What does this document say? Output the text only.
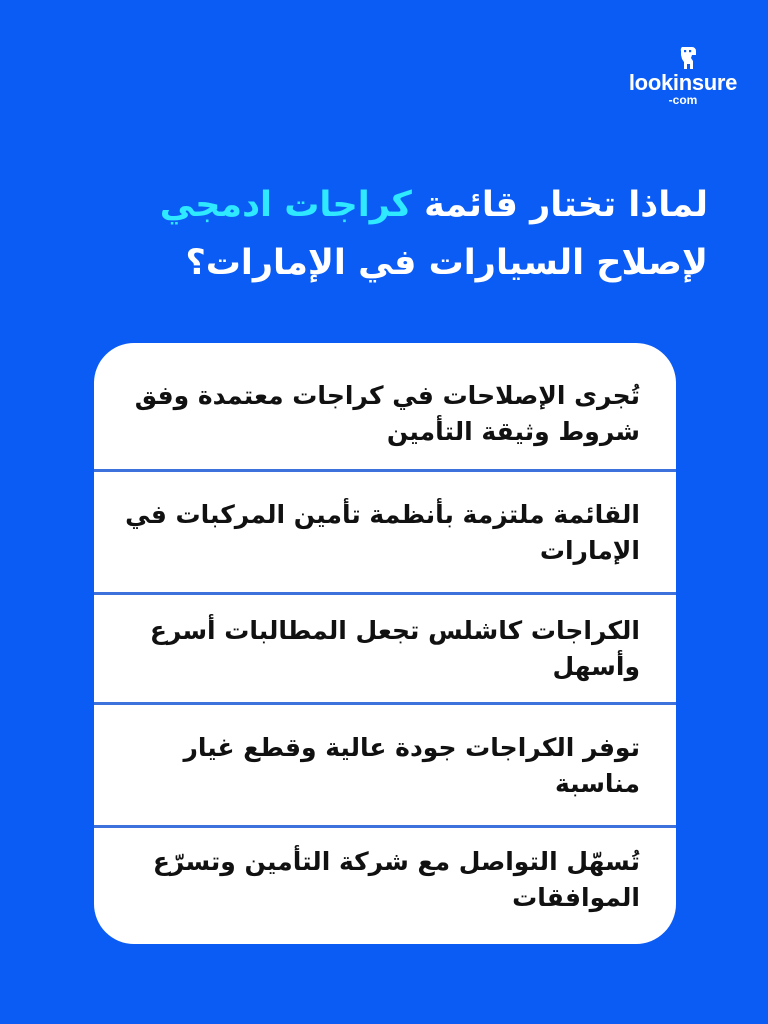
lookinsure
-com
لماذا تختار قائمة كراجات ادمجي لإصلاح السيارات في الإمارات؟
تُجرى الإصلاحات في كراجات معتمدة وفق شروط وثيقة التأمين
القائمة ملتزمة بأنظمة تأمين المركبات في الإمارات
الكراجات كاشلس تجعل المطالبات أسرع وأسهل
توفر الكراجات جودة عالية وقطع غيار مناسبة
تُسهّل التواصل مع شركة التأمين وتسرّع الموافقات
